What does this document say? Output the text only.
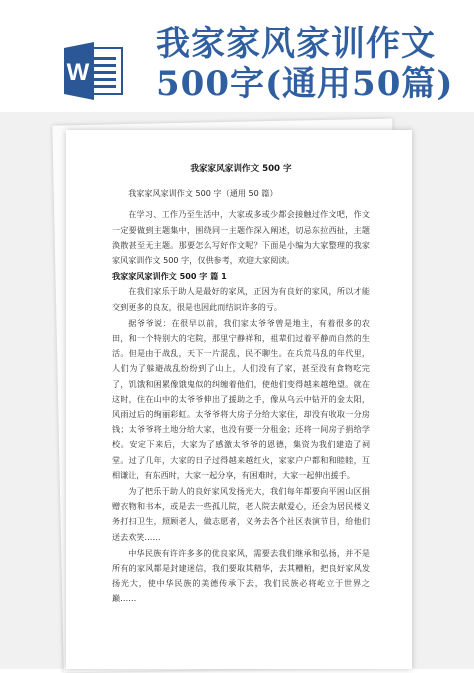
W
我家家风家训作文
500字(通用50篇)
我家家风家训作文 500 字
我家家风家训作文 500 字（通用 50 篇）
在学习、工作乃至生活中，大家或多或少都会接触过作文吧，作文一定要做到主题集中，围绕同一主题作深入阐述，切忌东拉西扯，主题涣散甚至无主题。那要怎么写好作文呢？下面是小编为大家整理的我家家风家训作文 500 字，仅供参考，欢迎大家阅读。
我家家风家训作文 500 字 篇 1
在我们家乐于助人是最好的家风，正因为有良好的家风，所以才能交到更多的良友，很是也因此而结识许多的亏。
据爷爷说：在很早以前，我们家太爷爷曾是地主，有着很多的农田，和一个特别大的宅院，那里宁静祥和，祖辈们过着平静而自然的生活。但是由于战乱，天下一片混乱，民不聊生。在兵荒马乱的年代里，人们为了躲避战乱纷纷到了山上，人们没有了家，甚至没有食物吃完了，饥饿和困累像饿鬼似的纠缠着他们，使他们变得越来越绝望。就在这时，住在山中的太爷爷伸出了援助之手，像从乌云中钻开的金太阳，风雨过后的绚丽彩虹。太爷爷将大房子分给大家住，却没有收取一分房钱；太爷爷将土地分给大家，也没有要一分租金；还将一间房子捐给学校。安定下来后，大家为了感激太爷爷的恩德，集资为我们建造了祠堂。过了几年，大家的日子过得越来越红火，家家户户都和和睦睦，互相谦让，有东西时，大家一起分享，有困难时，大家一起伸出援手。
为了把乐于助人的良好家风发扬光大，我们每年都要向平困山区捐赠衣物和书本，或是去一些孤儿院，老人院去献爱心，还会为居民楼义务打扫卫生，照顾老人，做志愿者，义务去各个社区表演节目，给他们送去欢笑……
中华民族有许许多多的优良家风，需要去我们继承和弘扬，并不是所有的家风都是封建迷信，我们要取其精华，去其糟粕，把良好家风发扬光大，使中华民族的美德传承下去，我们民族必将屹立于世界之巅……
